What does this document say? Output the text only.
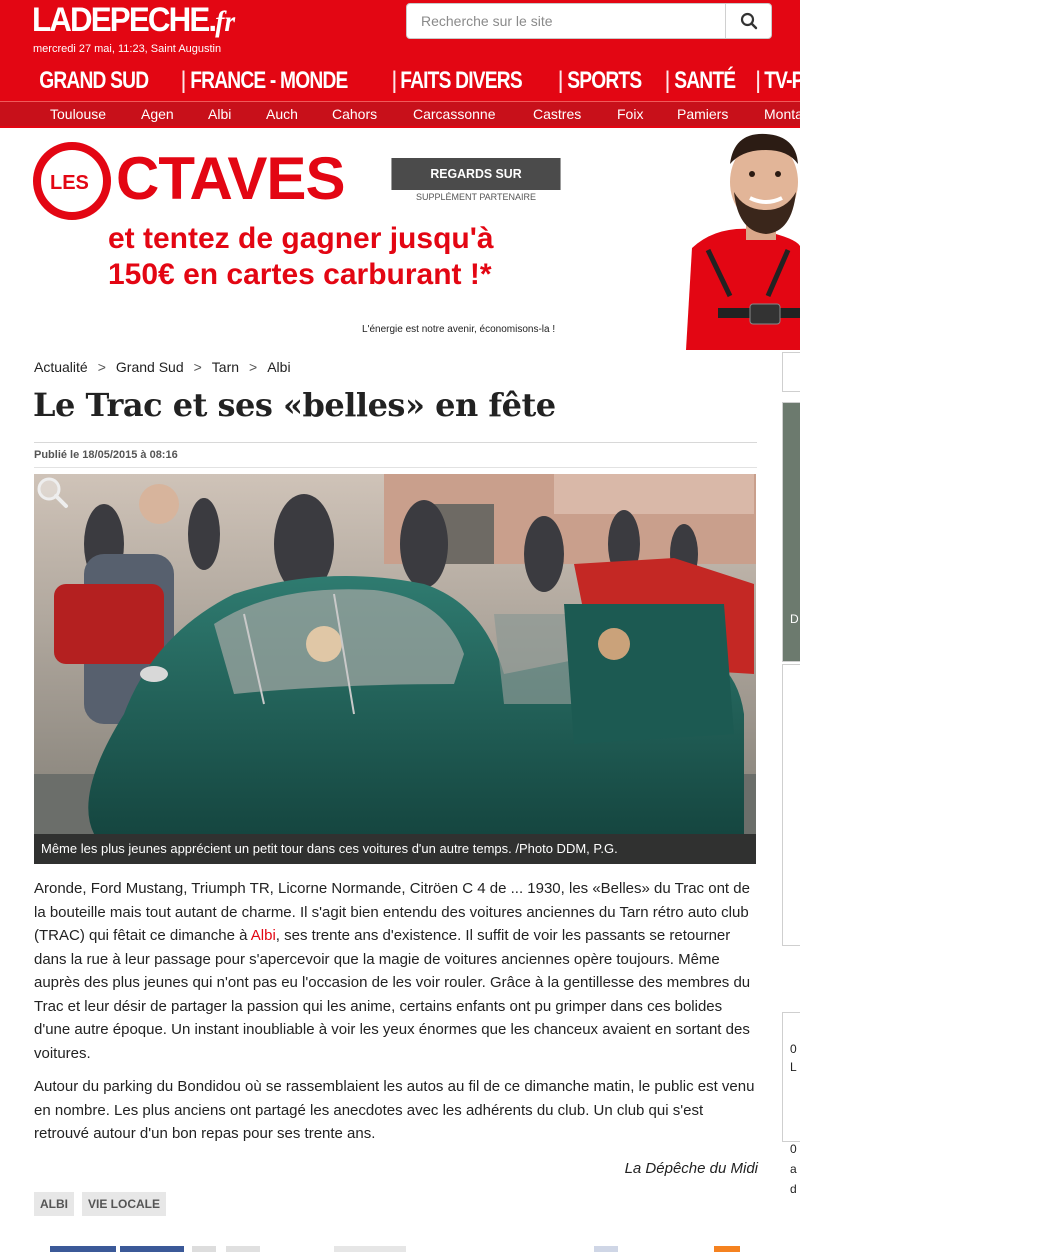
LADEPECHE.fr
mercredi 27 mai, 11:23, Saint Augustin
Recherche sur le site
GRAND SUD | FRANCE - MONDE | FAITS DIVERS | SPORTS | SANTÉ | TV-PEOPLE | LOISIRS | ANI
Toulouse Agen Albi Auch Cahors	Carcassonne	Castres	Foix Pamiers	Monta
LES CTAVES	REGARDS SUR L'INNOVATION
SUPPLÉMENT PARTENAIRE
et tentez de gagner jusqu'à
150€ en cartes carburant !*
L'énergie est notre avenir, économisons-la !
D
0
L
0
a
d
Actualité > Grand Sud > Tarn > Albi
Le Trac et ses «belles» en fête
Publié le 18/05/2015 à 08:16
Même les plus jeunes apprécient un petit tour dans ces voitures d'un autre temps. /Photo DDM, P.G.

Aronde, Ford Mustang, Triumph TR, Licorne Normande, Citröen C 4 de ... 1930, les «Belles» du Trac ont de la bouteille mais tout autant de charme. Il s'agit bien entendu des voitures anciennes du Tarn rétro auto club (TRAC) qui fêtait ce dimanche à Albi, ses trente ans d'existence. Il suffit de voir les passants se retourner dans la rue à leur passage pour s'apercevoir que la magie de voitures anciennes opère toujours. Même auprès des plus jeunes qui n'ont pas eu l'occasion de les voir rouler. Grâce à la gentillesse des membres du Trac et leur désir de partager la passion qui les anime, certains enfants ont pu grimper dans ces bolides d'une autre époque. Un instant inoubliable à voir les yeux énormes que les chanceux avaient en sortant des voitures.

Autour du parking du Bondidou où se rassemblaient les autos au fil de ce dimanche matin, le public est venu en nombre. Les plus anciens ont partagé les anecdotes avec les adhérents du club. Un club qui s'est retrouvé autour d'un bon repas pour ses trente ans.

La Dépêche du Midi
ALBI	VIE LOCALE
